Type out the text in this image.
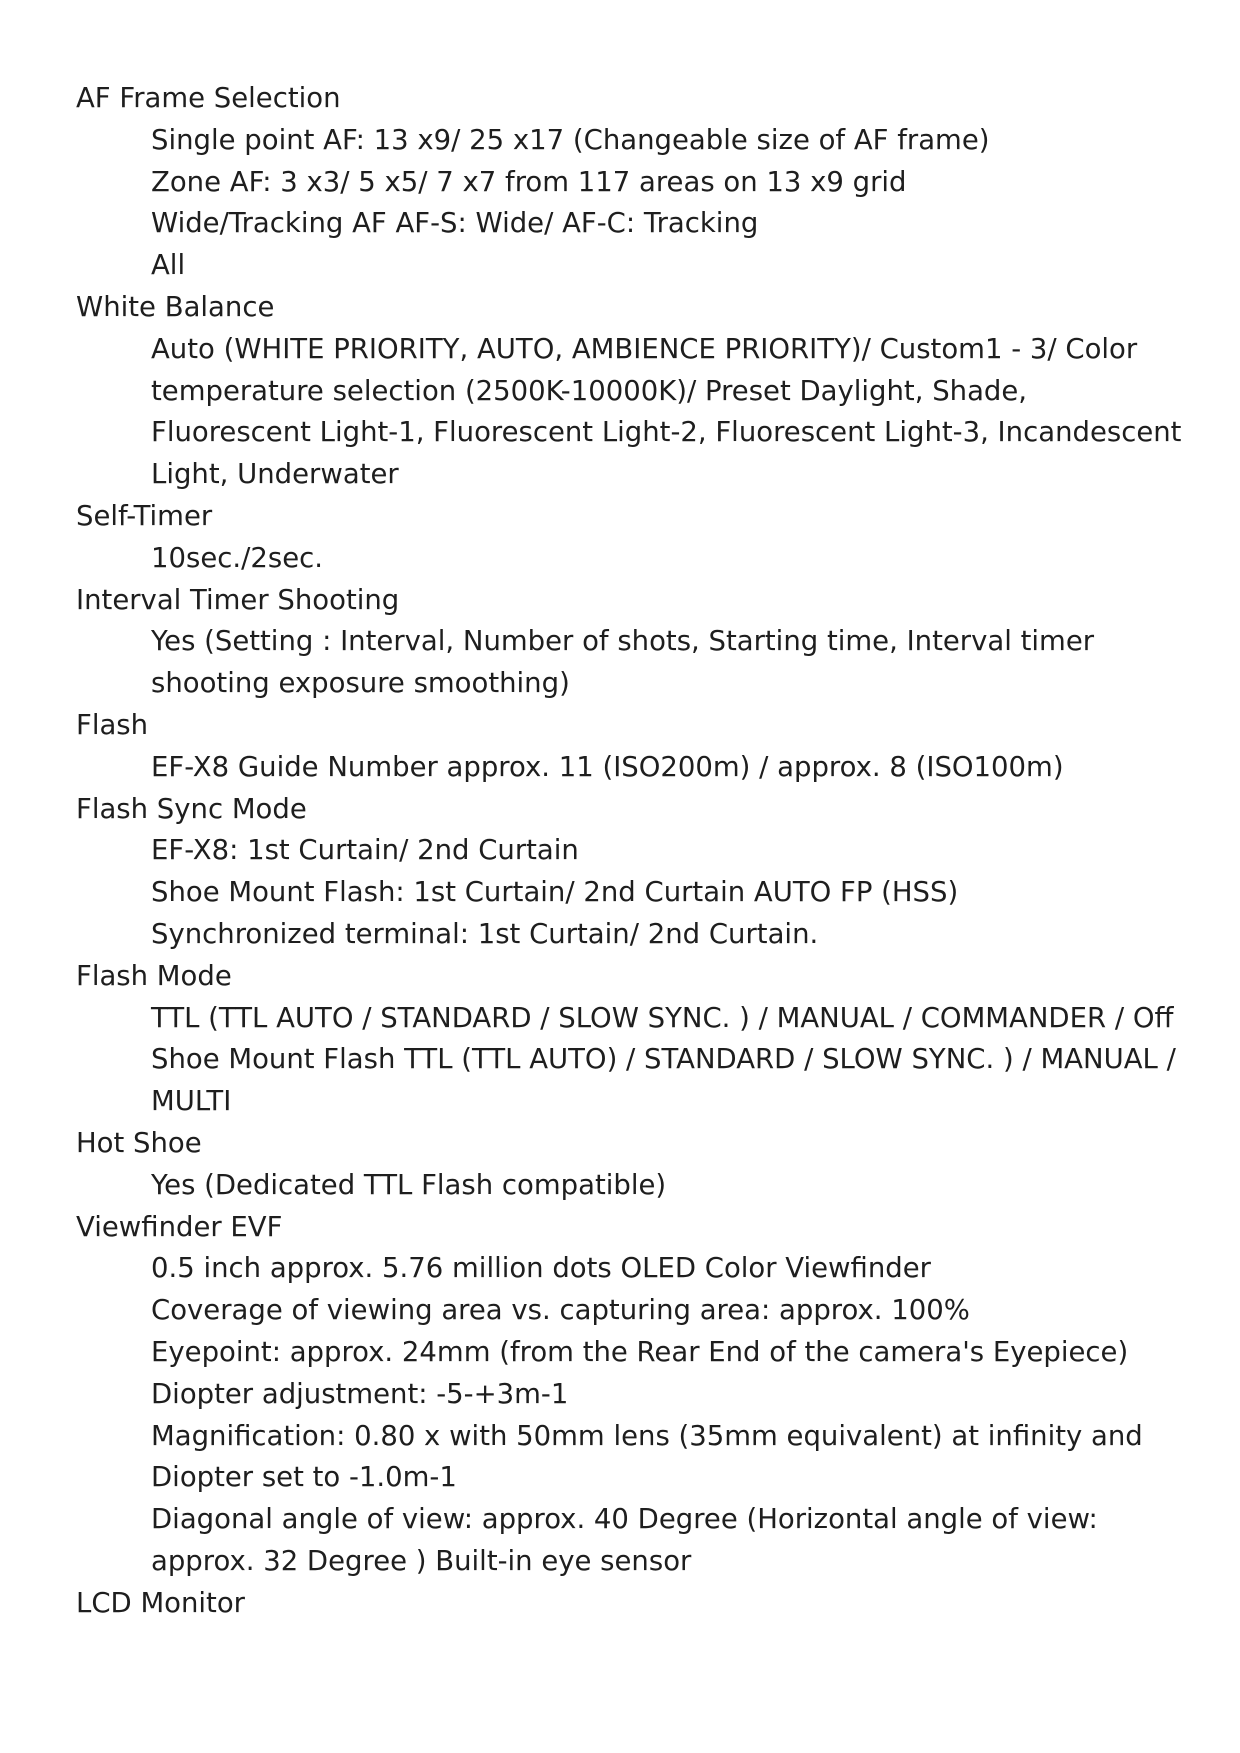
AF Frame Selection
Single point AF: 13 x9/ 25 x17 (Changeable size of AF frame)
Zone AF: 3 x3/ 5 x5/ 7 x7 from 117 areas on 13 x9 grid
Wide/Tracking AF AF-S: Wide/ AF-C: Tracking
All
White Balance
Auto (WHITE PRIORITY, AUTO, AMBIENCE PRIORITY)/ Custom1 - 3/ Color temperature selection (2500K-10000K)/ Preset Daylight, Shade, Fluorescent Light-1, Fluorescent Light-2, Fluorescent Light-3, Incandescent Light, Underwater
Self-Timer
10sec./2sec.
Interval Timer Shooting
Yes (Setting : Interval, Number of shots, Starting time, Interval timer shooting exposure smoothing)
Flash
EF-X8 Guide Number approx. 11 (ISO200m) / approx. 8 (ISO100m)
Flash Sync Mode
EF-X8: 1st Curtain/ 2nd Curtain
Shoe Mount Flash: 1st Curtain/ 2nd Curtain AUTO FP (HSS)
Synchronized terminal: 1st Curtain/ 2nd Curtain.
Flash Mode
TTL (TTL AUTO / STANDARD / SLOW SYNC. ) / MANUAL / COMMANDER / Off Shoe Mount Flash TTL (TTL AUTO) / STANDARD / SLOW SYNC. ) / MANUAL / MULTI
Hot Shoe
Yes (Dedicated TTL Flash compatible)
Viewfinder EVF
0.5 inch approx. 5.76 million dots OLED Color Viewfinder
Coverage of viewing area vs. capturing area: approx. 100%
Eyepoint: approx. 24mm (from the Rear End of the camera's Eyepiece)
Diopter adjustment: -5-+3m-1
Magnification: 0.80 x with 50mm lens (35mm equivalent) at infinity and Diopter set to -1.0m-1
Diagonal angle of view: approx. 40 Degree (Horizontal angle of view: approx. 32 Degree ) Built-in eye sensor
LCD Monitor
